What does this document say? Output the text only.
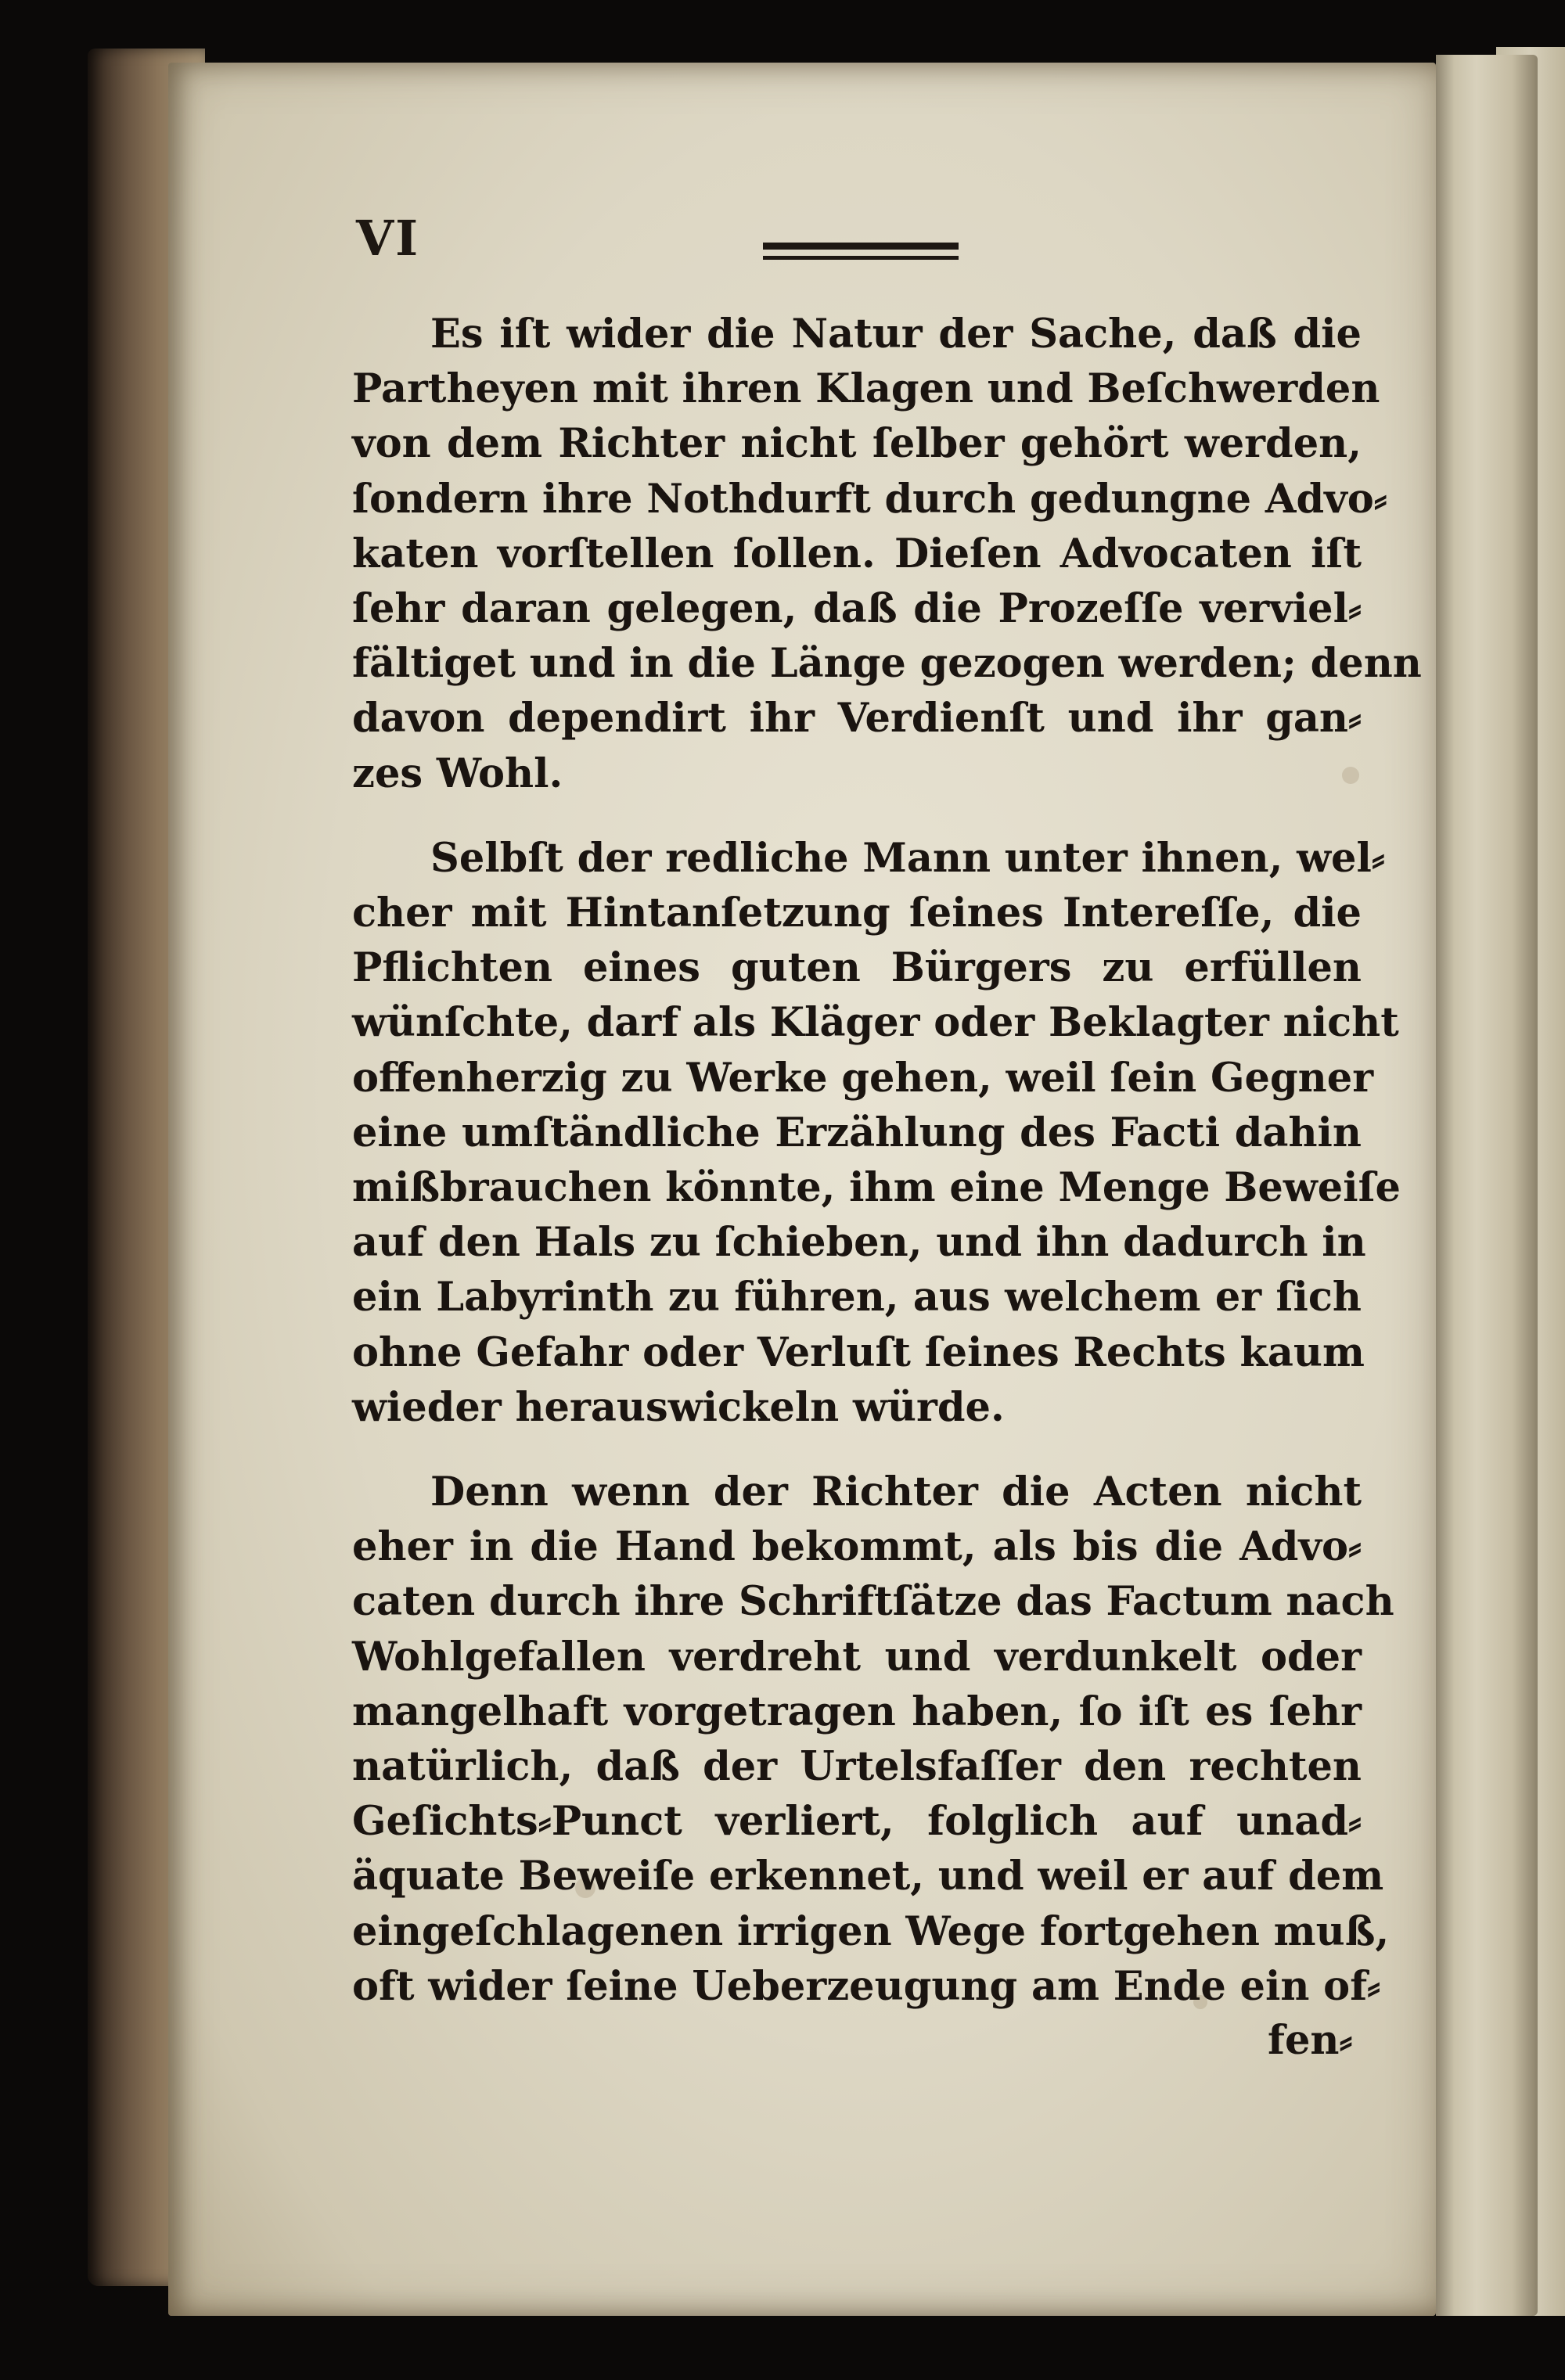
VI

Es iſt wider die Natur der Sache, daß die
Partheyen mit ihren Klagen und Beſchwerden
von dem Richter nicht ſelber gehört werden,
ſondern ihre Nothdurft durch gedungne Advo⸗
katen vorſtellen ſollen. Dieſen Advocaten iſt
ſehr daran gelegen, daß die Prozeſſe verviel⸗
fältiget und in die Länge gezogen werden; denn
davon dependirt ihr Verdienſt und ihr gan⸗
zes Wohl.

Selbſt der redliche Mann unter ihnen, wel⸗
cher mit Hintanſetzung ſeines Intereſſe, die
Pflichten eines guten Bürgers zu erfüllen
wünſchte, darf als Kläger oder Beklagter nicht
offenherzig zu Werke gehen, weil ſein Gegner
eine umſtändliche Erzählung des Facti dahin
mißbrauchen könnte, ihm eine Menge Beweiſe
auf den Hals zu ſchieben, und ihn dadurch in
ein Labyrinth zu führen, aus welchem er ſich
ohne Gefahr oder Verluſt ſeines Rechts kaum
wieder herauswickeln würde.

Denn wenn der Richter die Acten nicht
eher in die Hand bekommt, als bis die Advo⸗
caten durch ihre Schriftſätze das Factum nach
Wohlgefallen verdreht und verdunkelt oder
mangelhaft vorgetragen haben, ſo iſt es ſehr
natürlich, daß der Urtelsfaſſer den rechten
Geſichts⸗Punct verliert, folglich auf unad⸗
äquate Beweiſe erkennet, und weil er auf dem
eingeſchlagenen irrigen Wege fortgehen muß,
oft wider ſeine Ueberzeugung am Ende ein of⸗

fen⸗
